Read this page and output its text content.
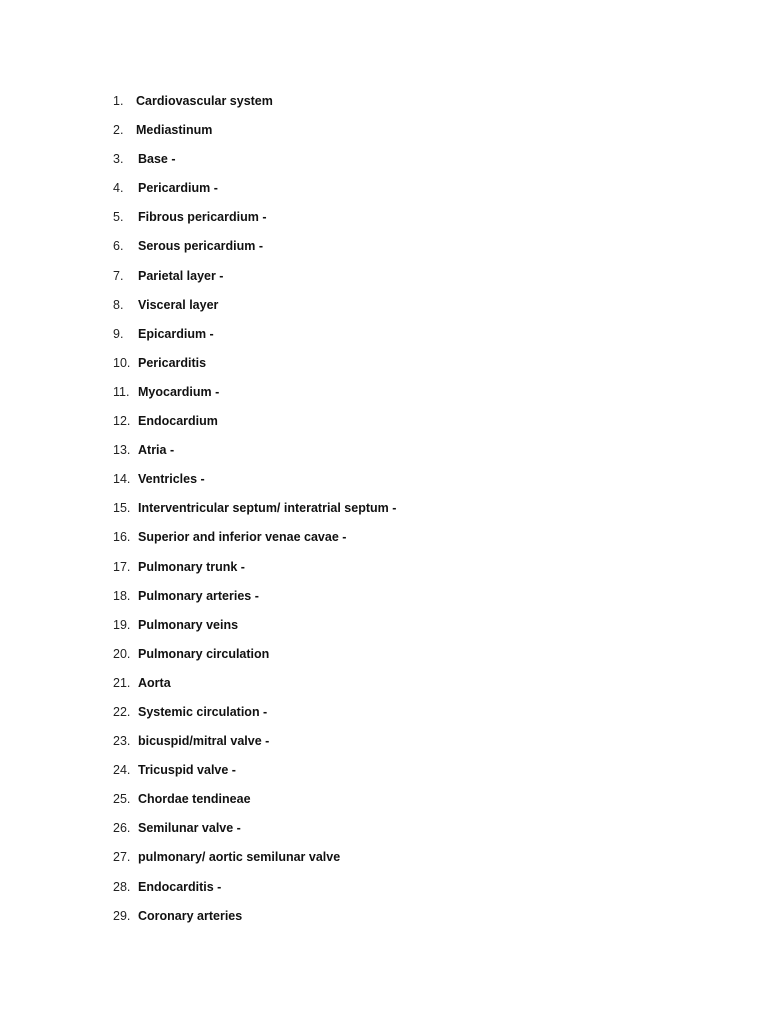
1.	Cardiovascular system
2.	Mediastinum
3.	Base -
4.	Pericardium -
5.	Fibrous pericardium -
6.	Serous pericardium -
7.	Parietal layer -
8.	Visceral layer
9.	Epicardium -
10. Pericarditis
11. Myocardium -
12. Endocardium
13. Atria -
14. Ventricles -
15. Interventricular septum/ interatrial septum -
16. Superior and inferior venae cavae -
17. Pulmonary trunk -
18. Pulmonary arteries -
19. Pulmonary veins
20. Pulmonary circulation
21. Aorta
22. Systemic circulation -
23. bicuspid/mitral valve -
24. Tricuspid valve -
25. Chordae tendineae
26. Semilunar valve -
27. pulmonary/ aortic semilunar valve
28. Endocarditis -
29. Coronary arteries
